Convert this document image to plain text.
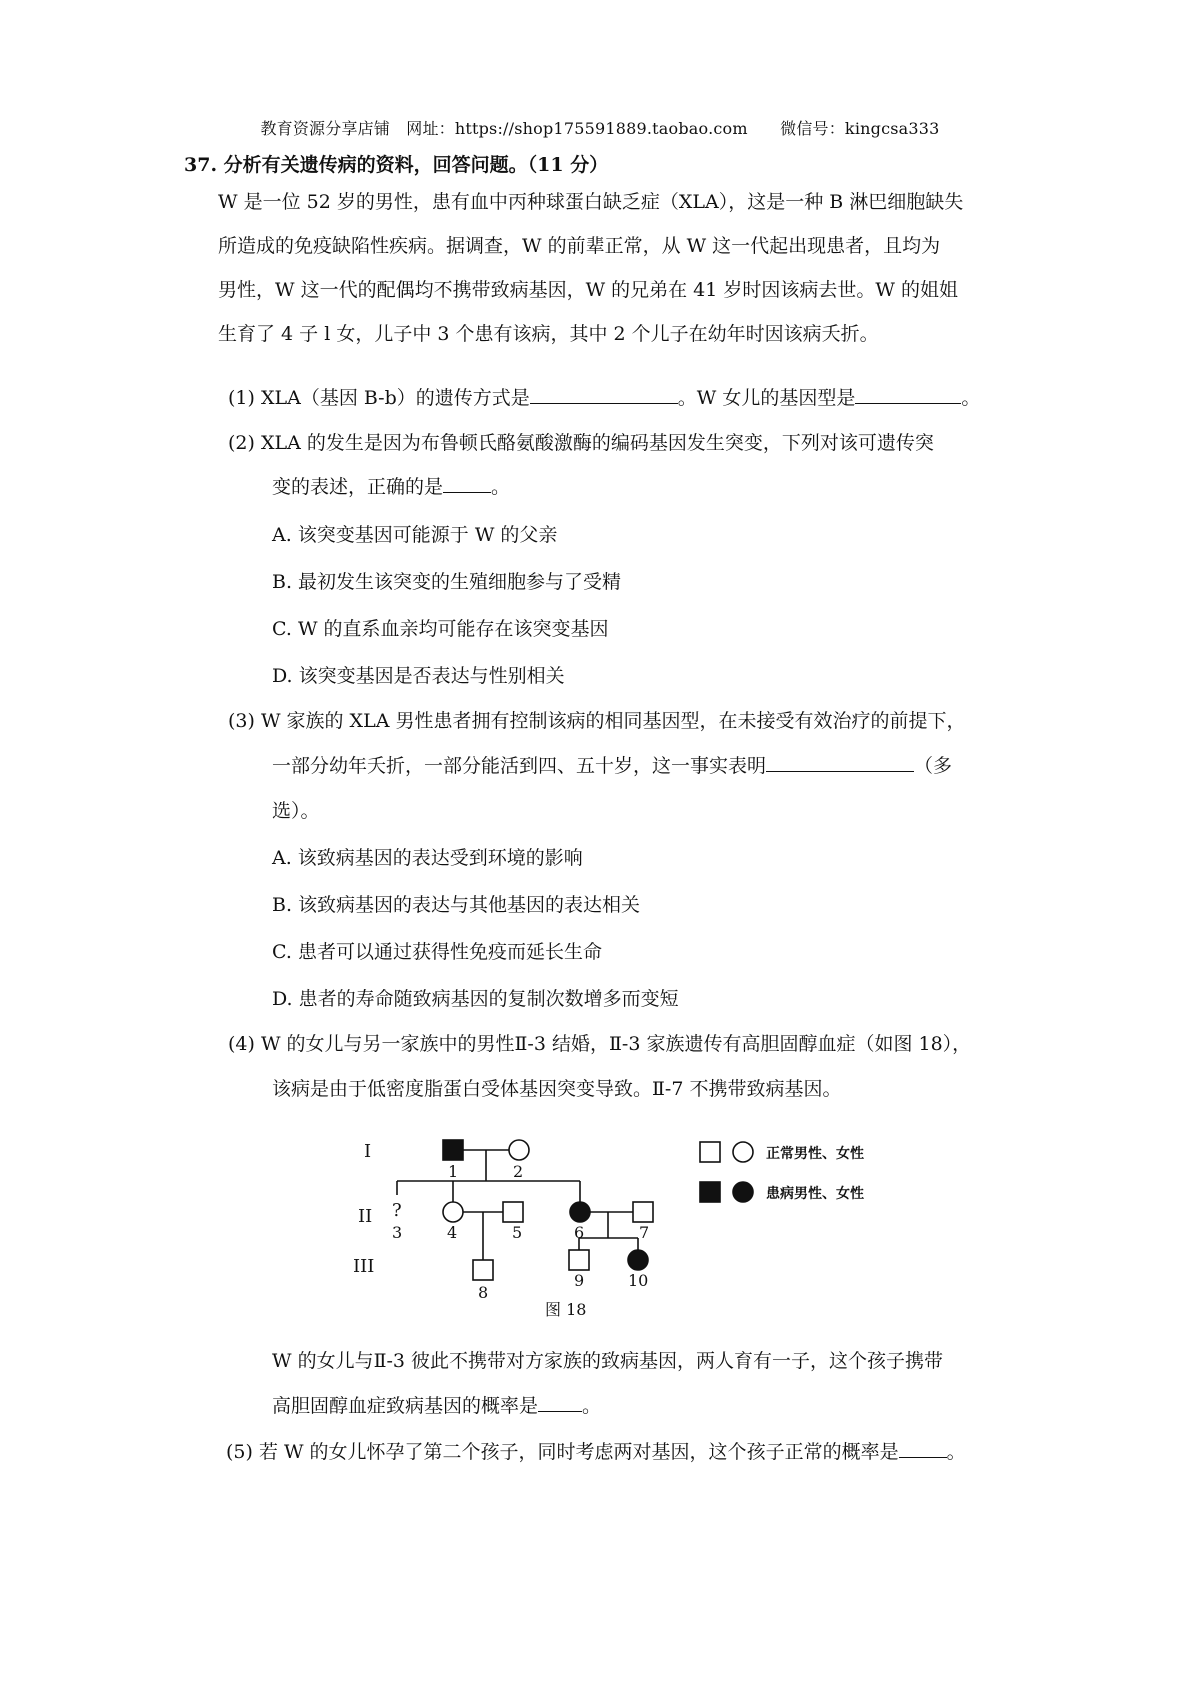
教育资源分享店铺　网址：https://shop175591889.taobao.com　　微信号：kingcsa333
37. 分析有关遗传病的资料，回答问题。（11 分）
W 是一位 52 岁的男性，患有血中丙种球蛋白缺乏症（XLA），这是一种 B 淋巴细胞缺失
所造成的免疫缺陷性疾病。据调查，W 的前辈正常，从 W 这一代起出现患者，且均为
男性，W 这一代的配偶均不携带致病基因，W 的兄弟在 41 岁时因该病去世。W 的姐姐
生育了 4 子 l 女，儿子中 3 个患有该病，其中 2 个儿子在幼年时因该病夭折。
(1) XLA（基因 B-b）的遗传方式是	。W 女儿的基因型是	。
(2) XLA 的发生是因为布鲁顿氏酪氨酸激酶的编码基因发生突变，下列对该可遗传突
变的表述，正确的是	。
A. 该突变基因可能源于 W 的父亲
B. 最初发生该突变的生殖细胞参与了受精
C. W 的直系血亲均可能存在该突变基因
D. 该突变基因是否表达与性别相关
(3) W 家族的 XLA 男性患者拥有控制该病的相同基因型，在未接受有效治疗的前提下，
一部分幼年夭折，一部分能活到四、五十岁，这一事实表明	（多
选）。
A. 该致病基因的表达受到环境的影响
B. 该致病基因的表达与其他基因的表达相关
C. 患者可以通过获得性免疫而延长生命
D. 患者的寿命随致病基因的复制次数增多而变短
(4) W 的女儿与另一家族中的男性Ⅱ-3 结婚，Ⅱ-3 家族遗传有高胆固醇血症（如图 18），
该病是由于低密度脂蛋白受体基因突变导致。Ⅱ-7 不携带致病基因。
I
II
III
1	2
?
3	4	5	6	7
8
9	10
图 18
正常男性、女性
患病男性、女性
W 的女儿与Ⅱ-3 彼此不携带对方家族的致病基因，两人育有一子，这个孩子携带
高胆固醇血症致病基因的概率是 。
(5) 若 W 的女儿怀孕了第二个孩子，同时考虑两对基因，这个孩子正常的概率是	。
